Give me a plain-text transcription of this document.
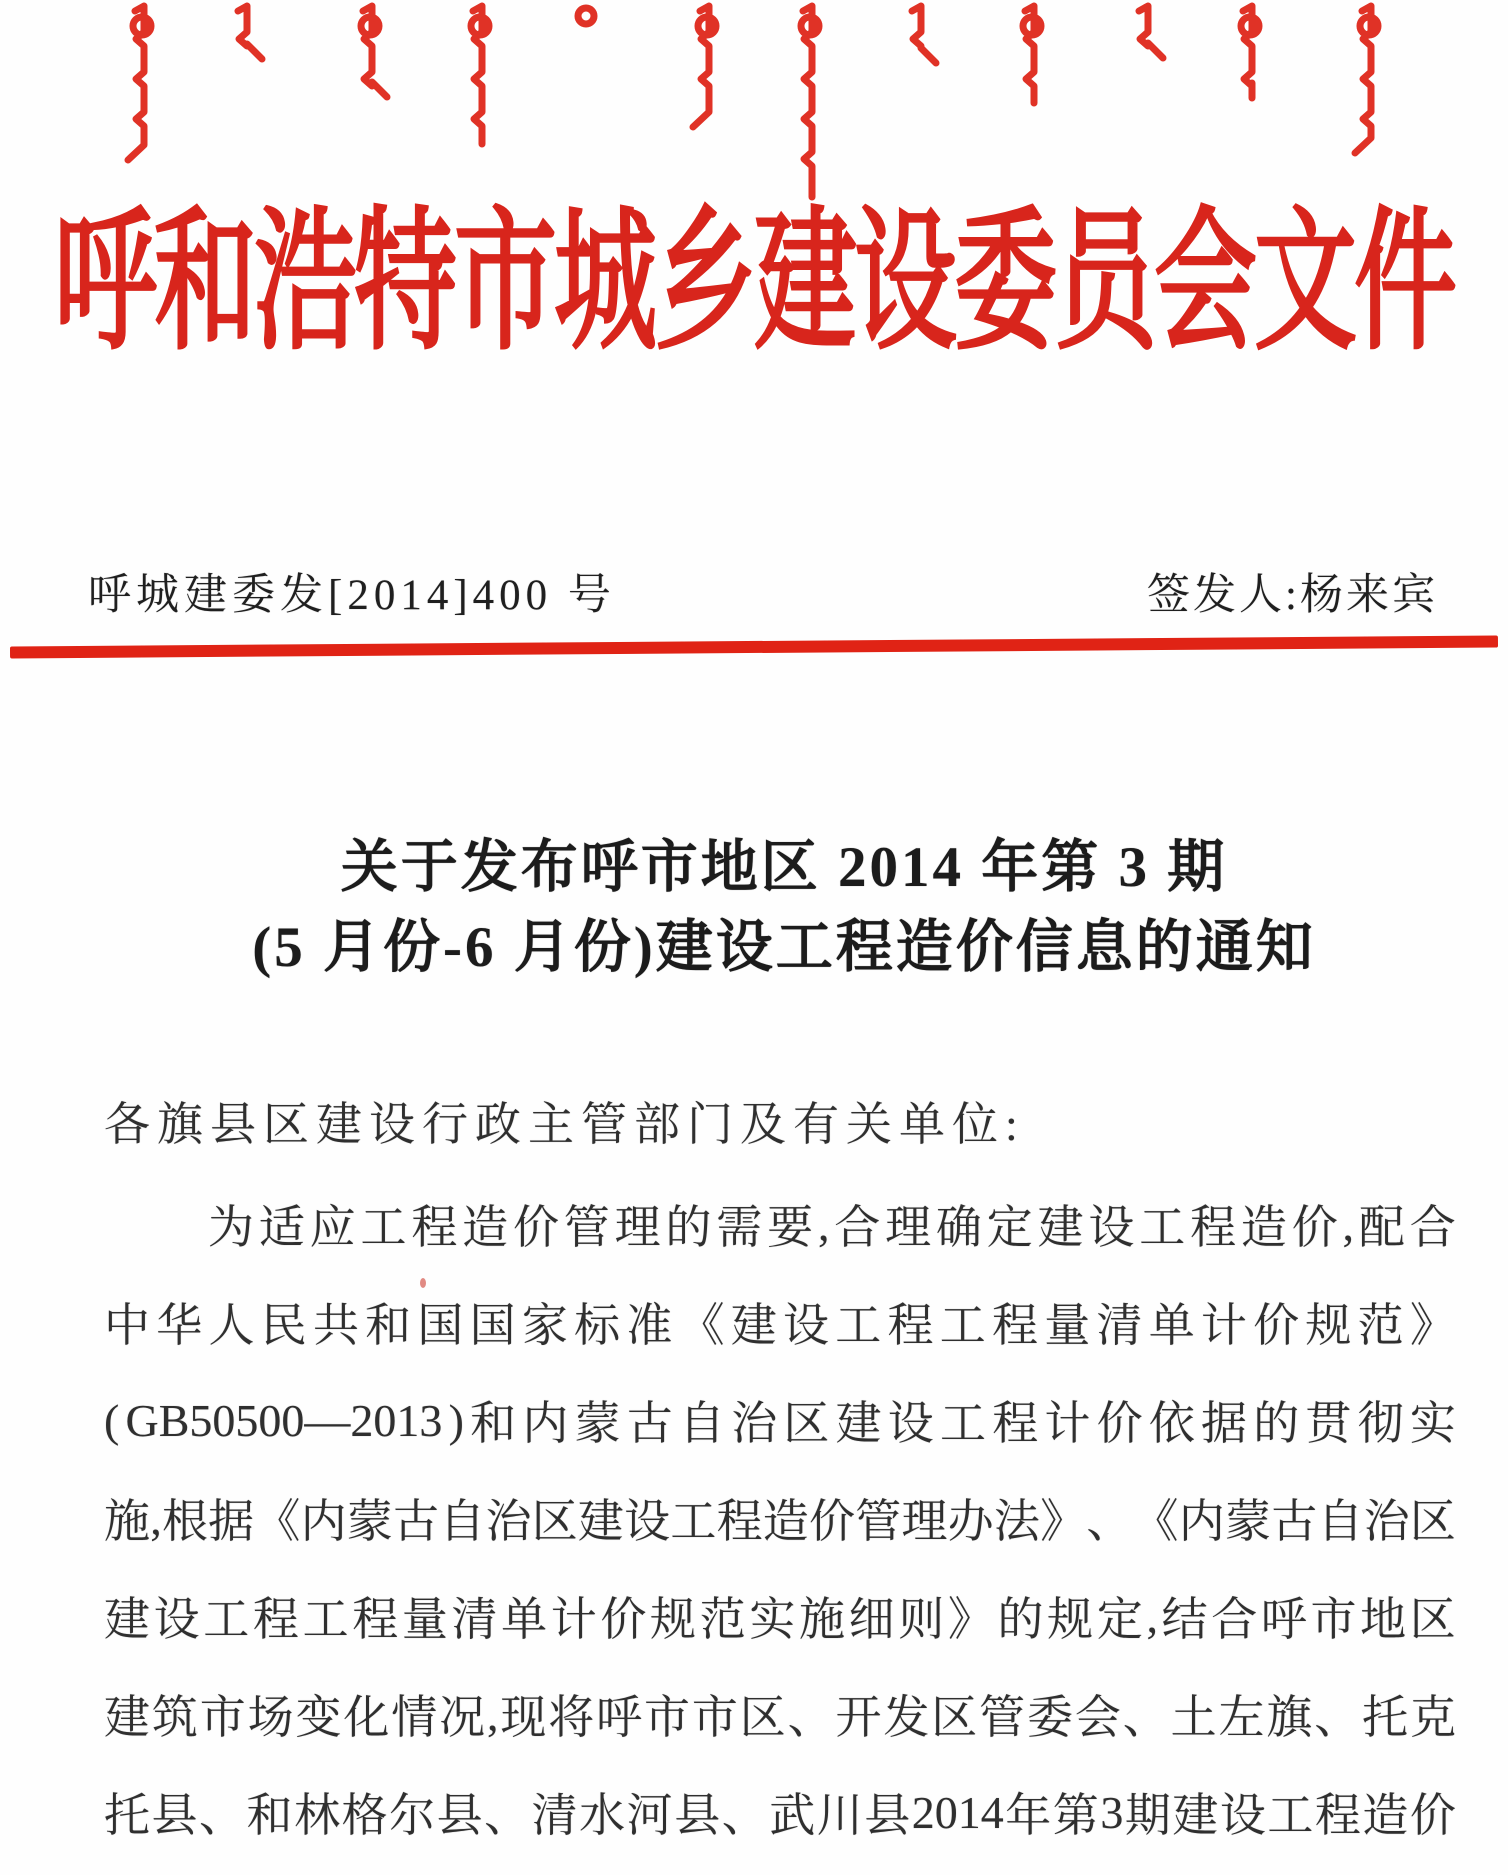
呼和浩特市城乡建设委员会文件
呼城建委发[2014]400 号	签发人:杨来宾
关于发布呼市地区 2014 年第 3 期
(5 月份-6 月份)建设工程造价信息的通知
各旗县区建设行政主管部门及有关单位:
为 适 应 工 程 造 价 管 理 的 需 要 , 合 理 确 定 建 设 工 程 造 价 , 配 合
中 华 人 民 共 和 国 国 家 标 准 《 建 设 工 程 工 程 量 清 单 计 价 规 范 》
( GB50500—2013 ) 和 内 蒙 古 自 治 区 建 设 工 程 计 价 依 据 的 贯 彻 实
施 , 根 据 《 内 蒙 古 自 治 区 建 设 工 程 造 价 管 理 办 法 》 、 《 内 蒙 古 自 治 区
建 设 工 程 工 程 量 清 单 计 价 规 范 实 施 细 则 》 的 规 定 , 结 合 呼 市 地 区
建 筑 市 场 变 化 情 况 , 现 将 呼 市 市 区 、 开 发 区 管 委 会 、 土 左 旗 、 托 克
托 县 、 和 林 格 尔 县 、 清 水 河 县 、 武 川 县 2014 年 第 3 期 建 设 工 程 造 价
